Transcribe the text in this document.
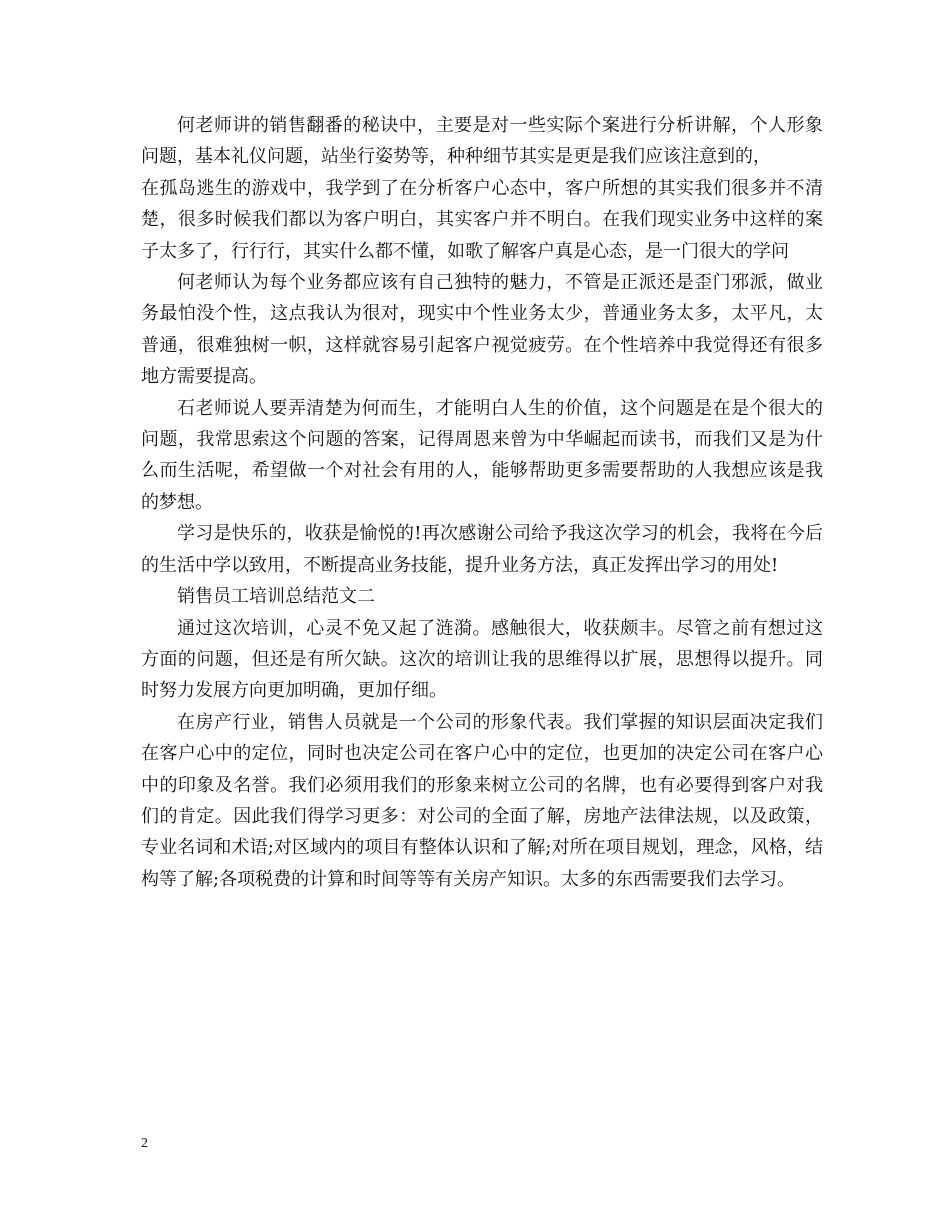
何老师讲的销售翻番的秘诀中，主要是对一些实际个案进行分析讲解，个人形象问题，基本礼仪问题，站坐行姿势等，种种细节其实是更是我们应该注意到的，

在孤岛逃生的游戏中，我学到了在分析客户心态中，客户所想的其实我们很多并不清楚，很多时候我们都以为客户明白，其实客户并不明白。在我们现实业务中这样的案子太多了，行行行，其实什么都不懂，如歌了解客户真是心态，是一门很大的学问

何老师认为每个业务都应该有自己独特的魅力，不管是正派还是歪门邪派，做业务最怕没个性，这点我认为很对，现实中个性业务太少，普通业务太多，太平凡，太普通，很难独树一帜，这样就容易引起客户视觉疲劳。在个性培养中我觉得还有很多地方需要提高。

石老师说人要弄清楚为何而生，才能明白人生的价值，这个问题是在是个很大的问题，我常思索这个问题的答案，记得周恩来曾为中华崛起而读书，而我们又是为什么而生活呢，希望做一个对社会有用的人，能够帮助更多需要帮助的人我想应该是我的梦想。

学习是快乐的，收获是愉悦的!再次感谢公司给予我这次学习的机会，我将在今后的生活中学以致用，不断提高业务技能，提升业务方法，真正发挥出学习的用处!

销售员工培训总结范文二

通过这次培训，心灵不免又起了涟漪。感触很大，收获颇丰。尽管之前有想过这方面的问题，但还是有所欠缺。这次的培训让我的思维得以扩展，思想得以提升。同时努力发展方向更加明确，更加仔细。

在房产行业，销售人员就是一个公司的形象代表。我们掌握的知识层面决定我们在客户心中的定位，同时也决定公司在客户心中的定位，也更加的决定公司在客户心中的印象及名誉。我们必须用我们的形象来树立公司的名牌，也有必要得到客户对我们的肯定。因此我们得学习更多：对公司的全面了解，房地产法律法规，以及政策，专业名词和术语;对区域内的项目有整体认识和了解;对所在项目规划，理念，风格，结构等了解;各项税费的计算和时间等等有关房产知识。太多的东西需要我们去学习。

2
